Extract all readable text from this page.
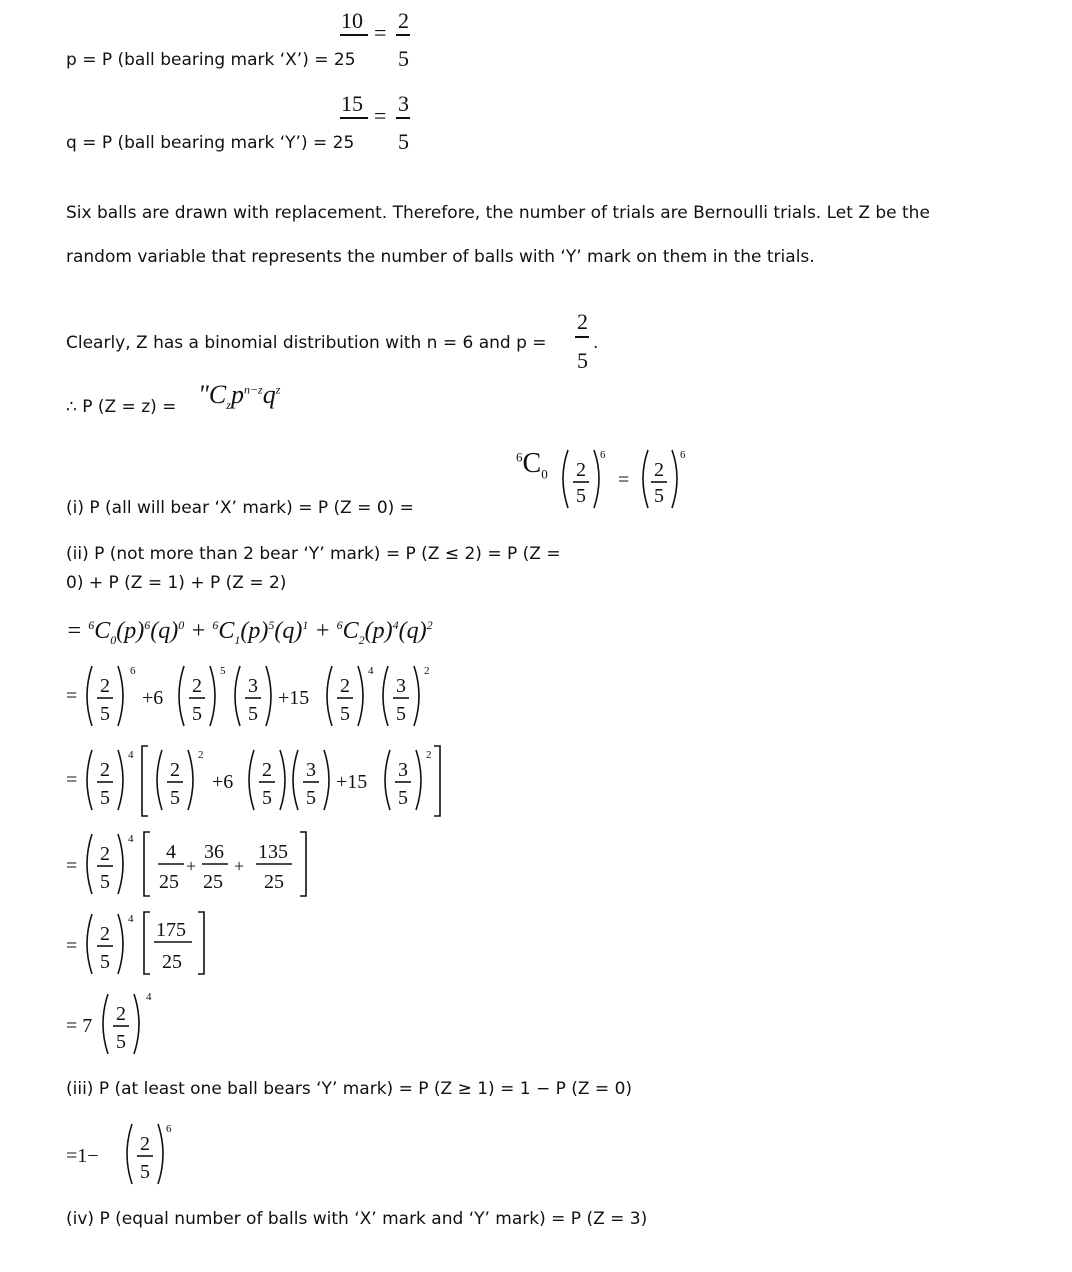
10 = 2
5
p = P (ball bearing mark ‘X’) = 25
15 = 3
5
q = P (ball bearing mark ‘Y’) = 25
Six balls are drawn with replacement. Therefore, the number of trials are Bernoulli trials. Let Z be the
random variable that represents the number of balls with ‘Y’ mark on them in the trials.
Clearly, Z has a binomial distribution with n = 6 and p =
2
5
.
∴ P $(Z = z) = "C_zp^{n-z}q^z$
$^6C_0$ 2
5
6
= 2
5
6
(i) P (all will bear ‘X’ mark) = P (Z = 0) =
(ii) P (not more than 2 bear ‘Y’ mark) = P (Z ≤ 2) = P (Z =
0) + P (Z = 1) + P (Z = 2)
= $^6C_0(p)^6(q)^0 + ^6C_1(p)^5(q)^1 + ^6C_2(p)^4(q)^2$
= 2
5
6
+6
2
5
5
3
5
+15
2
5
4
3
5
2
= 2
5
4
2
5
2
+6
2
5
3
5
+15
3
5
2
=
2
5
4
4
25
+
36
25
+
135
25
=
2
5
4 175
25
= 7
2
5
4
(iii) P (at least one ball bears ‘Y’ mark) = P (Z ≥ 1) = 1 − P (Z = 0)
=1−
2
5
6
(iv) P (equal number of balls with ‘X’ mark and ‘Y’ mark) = P (Z = 3)
